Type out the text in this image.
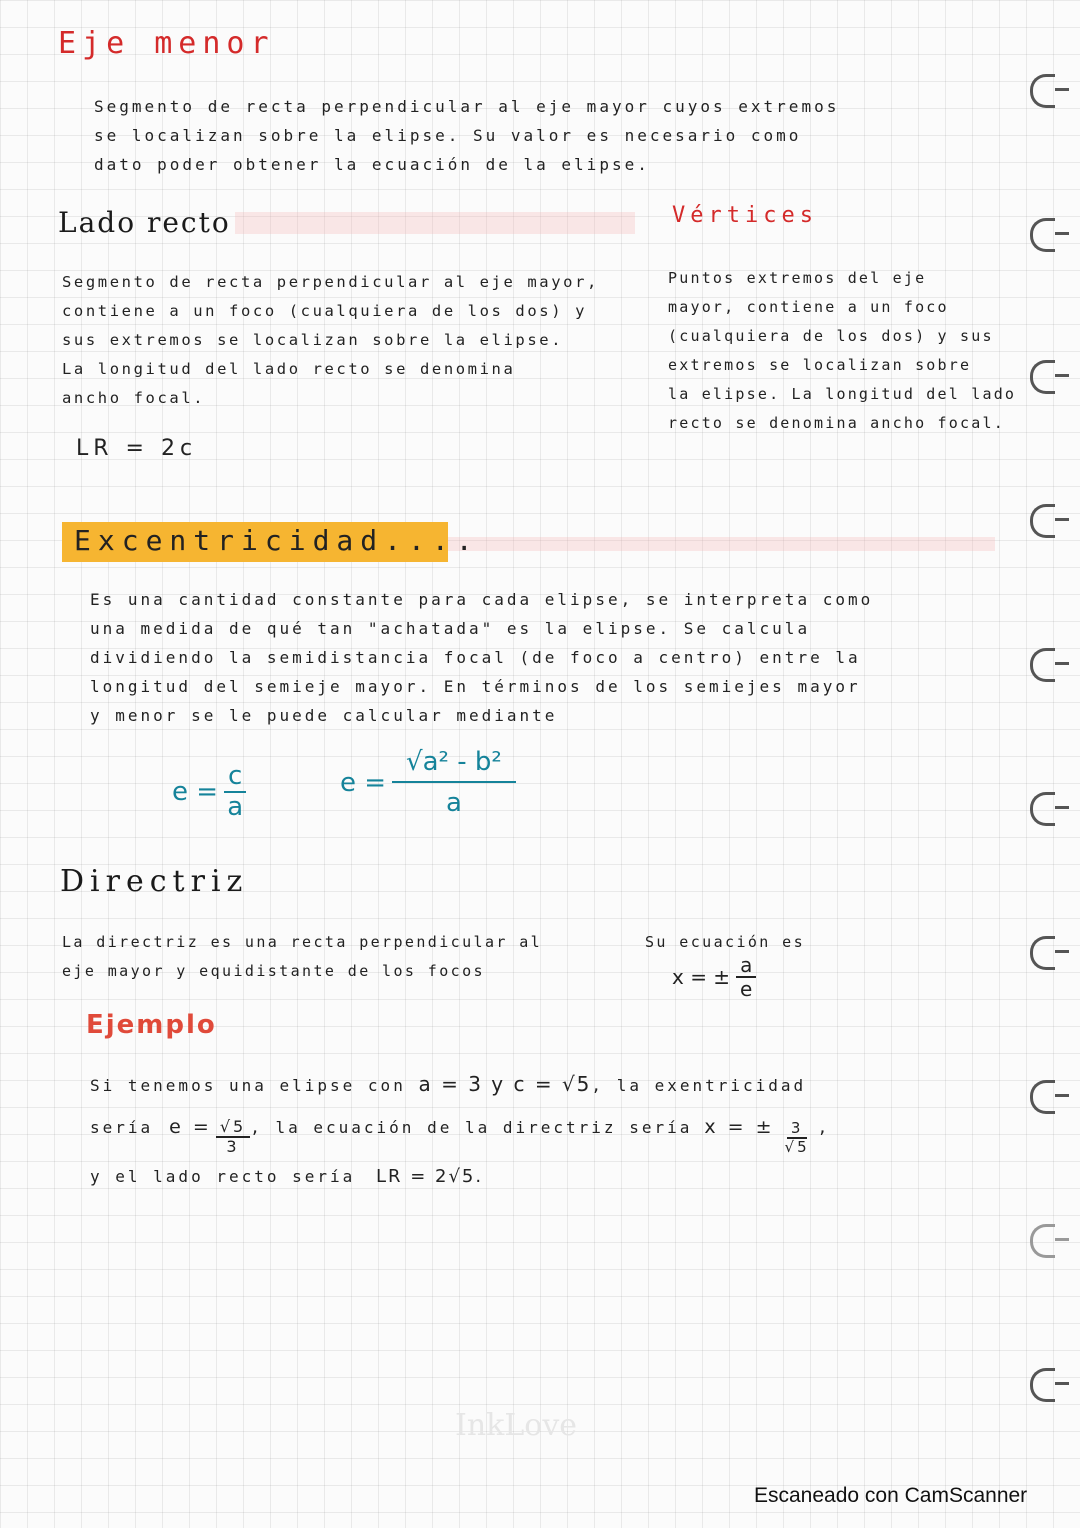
Eje menor
Segmento de recta perpendicular al eje mayor cuyos extremos
se localizan sobre la elipse. Su valor es necesario como
dato poder obtener la ecuación de la elipse.
Lado recto
Segmento de recta perpendicular al eje mayor,
contiene a un foco (cualquiera de los dos) y
sus extremos se localizan sobre la elipse.
La longitud del lado recto se denomina
ancho focal.
LR = 2c
Vértices
Puntos extremos del eje
mayor, contiene a un foco
(cualquiera de los dos) y sus
extremos se localizan sobre
la elipse. La longitud del lado
recto se denomina ancho focal.
Excentricidad....
Es una cantidad constante para cada elipse, se interpreta como
una medida de qué tan "achatada" es la elipse. Se calcula
dividiendo la semidistancia focal (de foco a centro) entre la
longitud del semieje mayor. En términos de los semiejes mayor
y menor se le puede calcular mediante
$e = \frac{c}{a}$	$e = \frac{\text{√a² - b²}}{a}$
Directriz
La directriz es una recta perpendicular al
eje mayor y equidistante de los focos
Su ecuación es
x = ± $\frac{a}{e}$
Ejemplo
Si tenemos una elipse con a = 3 y c = √5, la exentricidad
sería $e = \frac{√5}{3}$ , la ecuación de la directriz sería x = ± $\frac{3}{√5}$ ,
y el lado recto sería LR = 2√5.
InkLove
Escaneado con CamScanner
